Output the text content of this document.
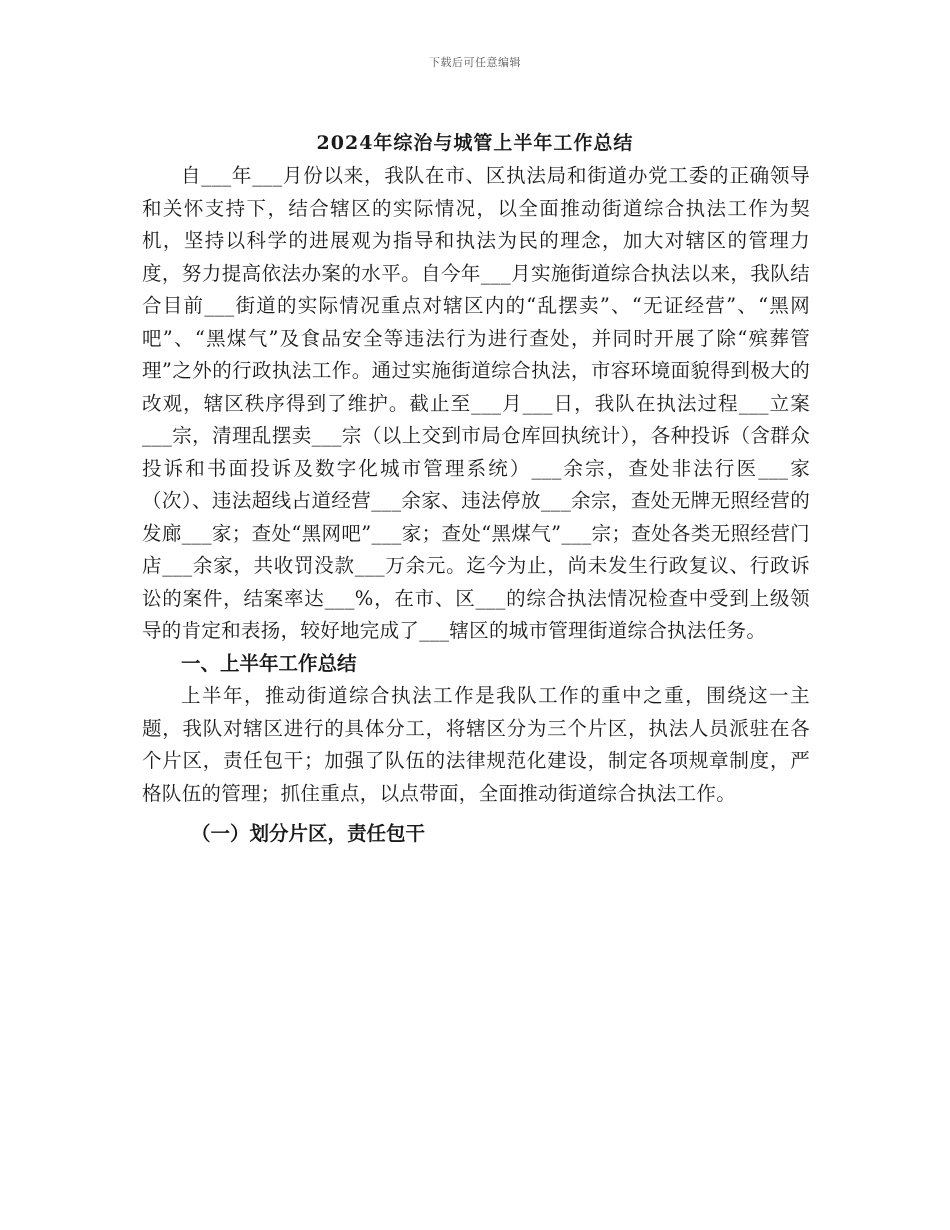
下载后可任意编辑
2024年综治与城管上半年工作总结

自___年___月份以来，我队在市、区执法局和街道办党工委的正确领导和关怀支持下，结合辖区的实际情况，以全面推动街道综合执法工作为契机，坚持以科学的进展观为指导和执法为民的理念，加大对辖区的管理力度，努力提高依法办案的水平。自今年___月实施街道综合执法以来，我队结合目前___街道的实际情况重点对辖区内的“乱摆卖”、“无证经营”、“黑网吧”、“黑煤气”及食品安全等违法行为进行查处，并同时开展了除“殡葬管理”之外的行政执法工作。通过实施街道综合执法，市容环境面貌得到极大的改观，辖区秩序得到了维护。截止至___月___日，我队在执法过程___立案___宗，清理乱摆卖___宗（以上交到市局仓库回执统计），各种投诉（含群众投诉和书面投诉及数字化城市管理系统）___余宗，查处非法行医___家（次）、违法超线占道经营___余家、违法停放___余宗，查处无牌无照经营的发廊___家；查处“黑网吧”___家；查处“黑煤气”___宗；查处各类无照经营门店___余家，共收罚没款___万余元。迄今为止，尚未发生行政复议、行政诉讼的案件，结案率达___%，在市、区___的综合执法情况检查中受到上级领导的肯定和表扬，较好地完成了___辖区的城市管理街道综合执法任务。

一、上半年工作总结

上半年，推动街道综合执法工作是我队工作的重中之重，围绕这一主题，我队对辖区进行的具体分工，将辖区分为三个片区，执法人员派驻在各个片区，责任包干；加强了队伍的法律规范化建设，制定各项规章制度，严格队伍的管理；抓住重点，以点带面，全面推动街道综合执法工作。

（一）划分片区，责任包干
